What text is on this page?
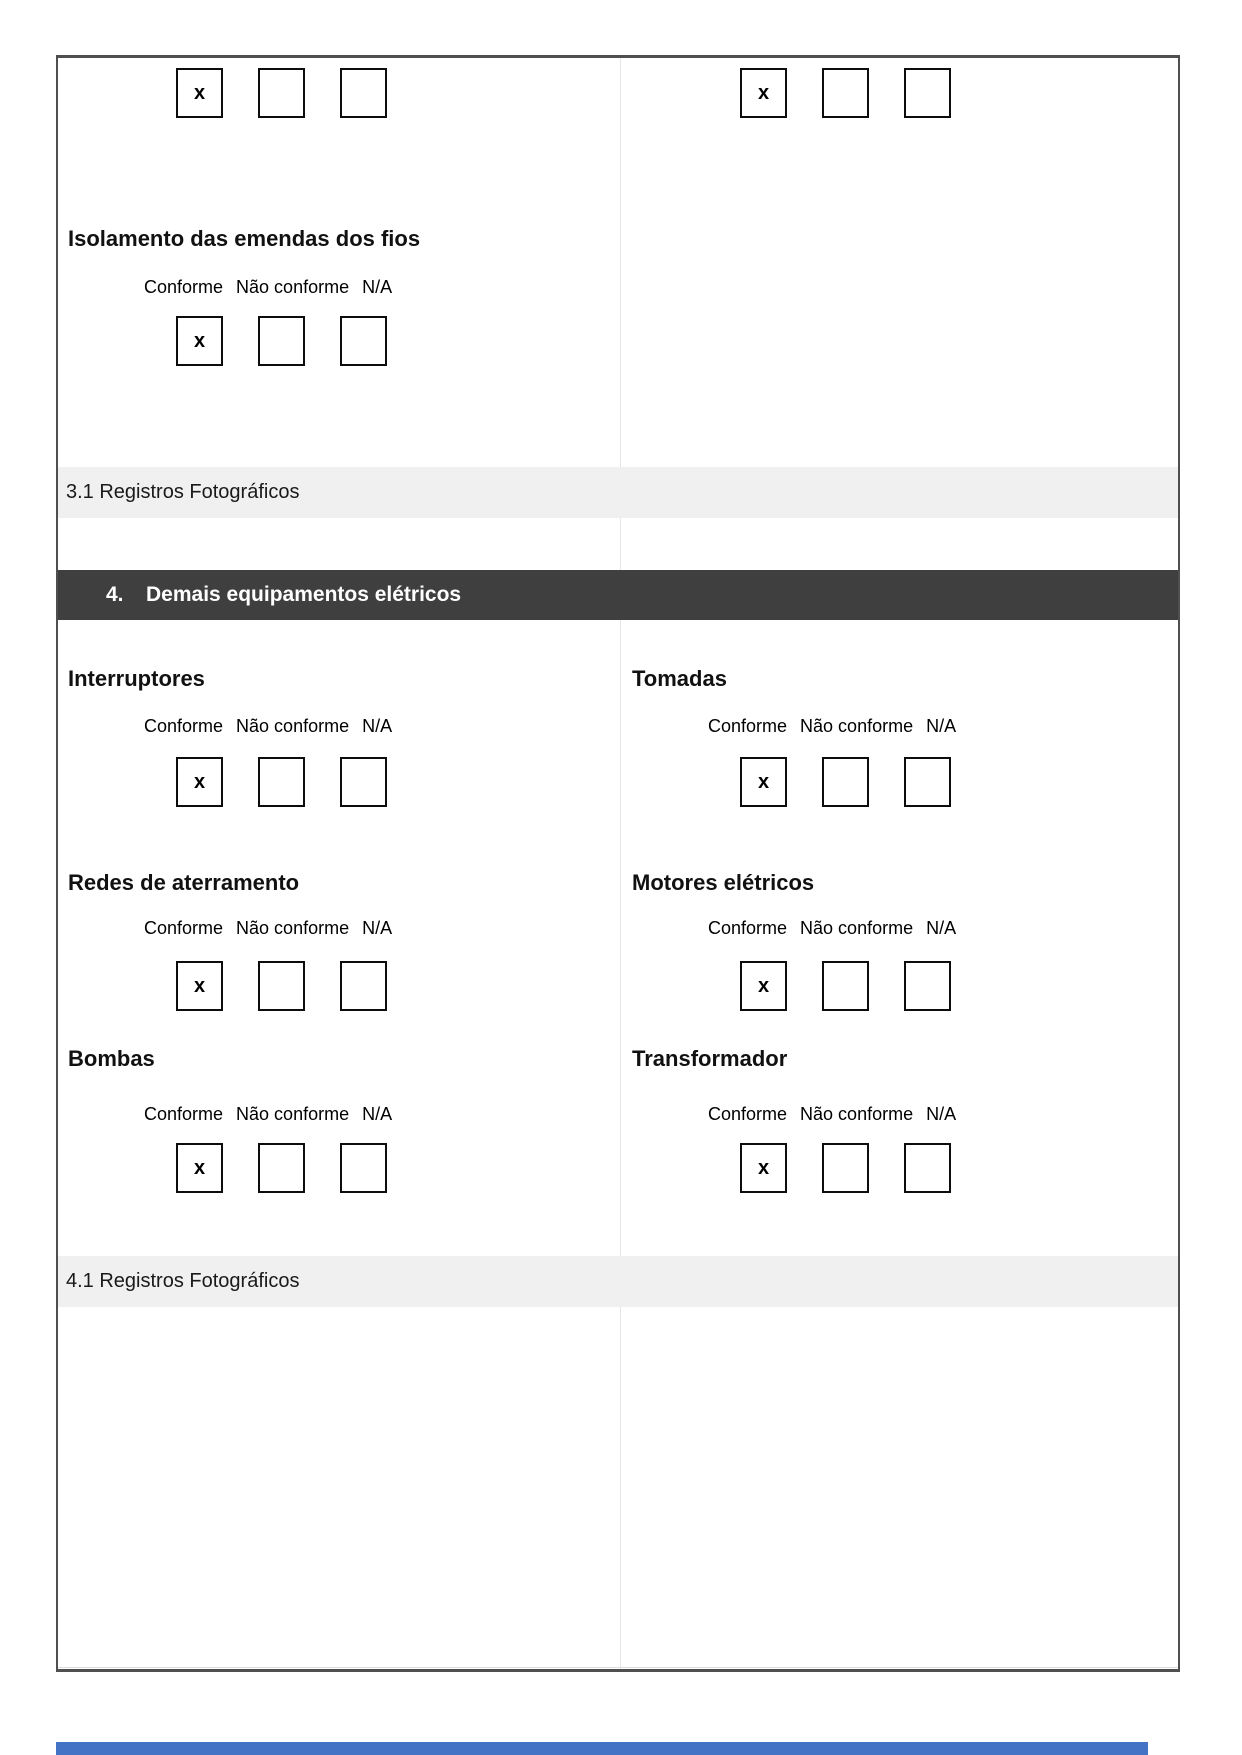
x	x
Isolamento das emendas dos fios
Conforme Não conforme N/A
x
3.1 Registros Fotográficos
4. Demais equipamentos elétricos
Interruptores
Conforme Não conforme N/A
x
Tomadas
Conforme Não conforme N/A
x
Redes de aterramento
Conforme Não conforme N/A
x
Motores elétricos
Conforme Não conforme N/A
x
Bombas
Conforme Não conforme N/A
x
Transformador
Conforme Não conforme N/A
x
4.1 Registros Fotográficos
